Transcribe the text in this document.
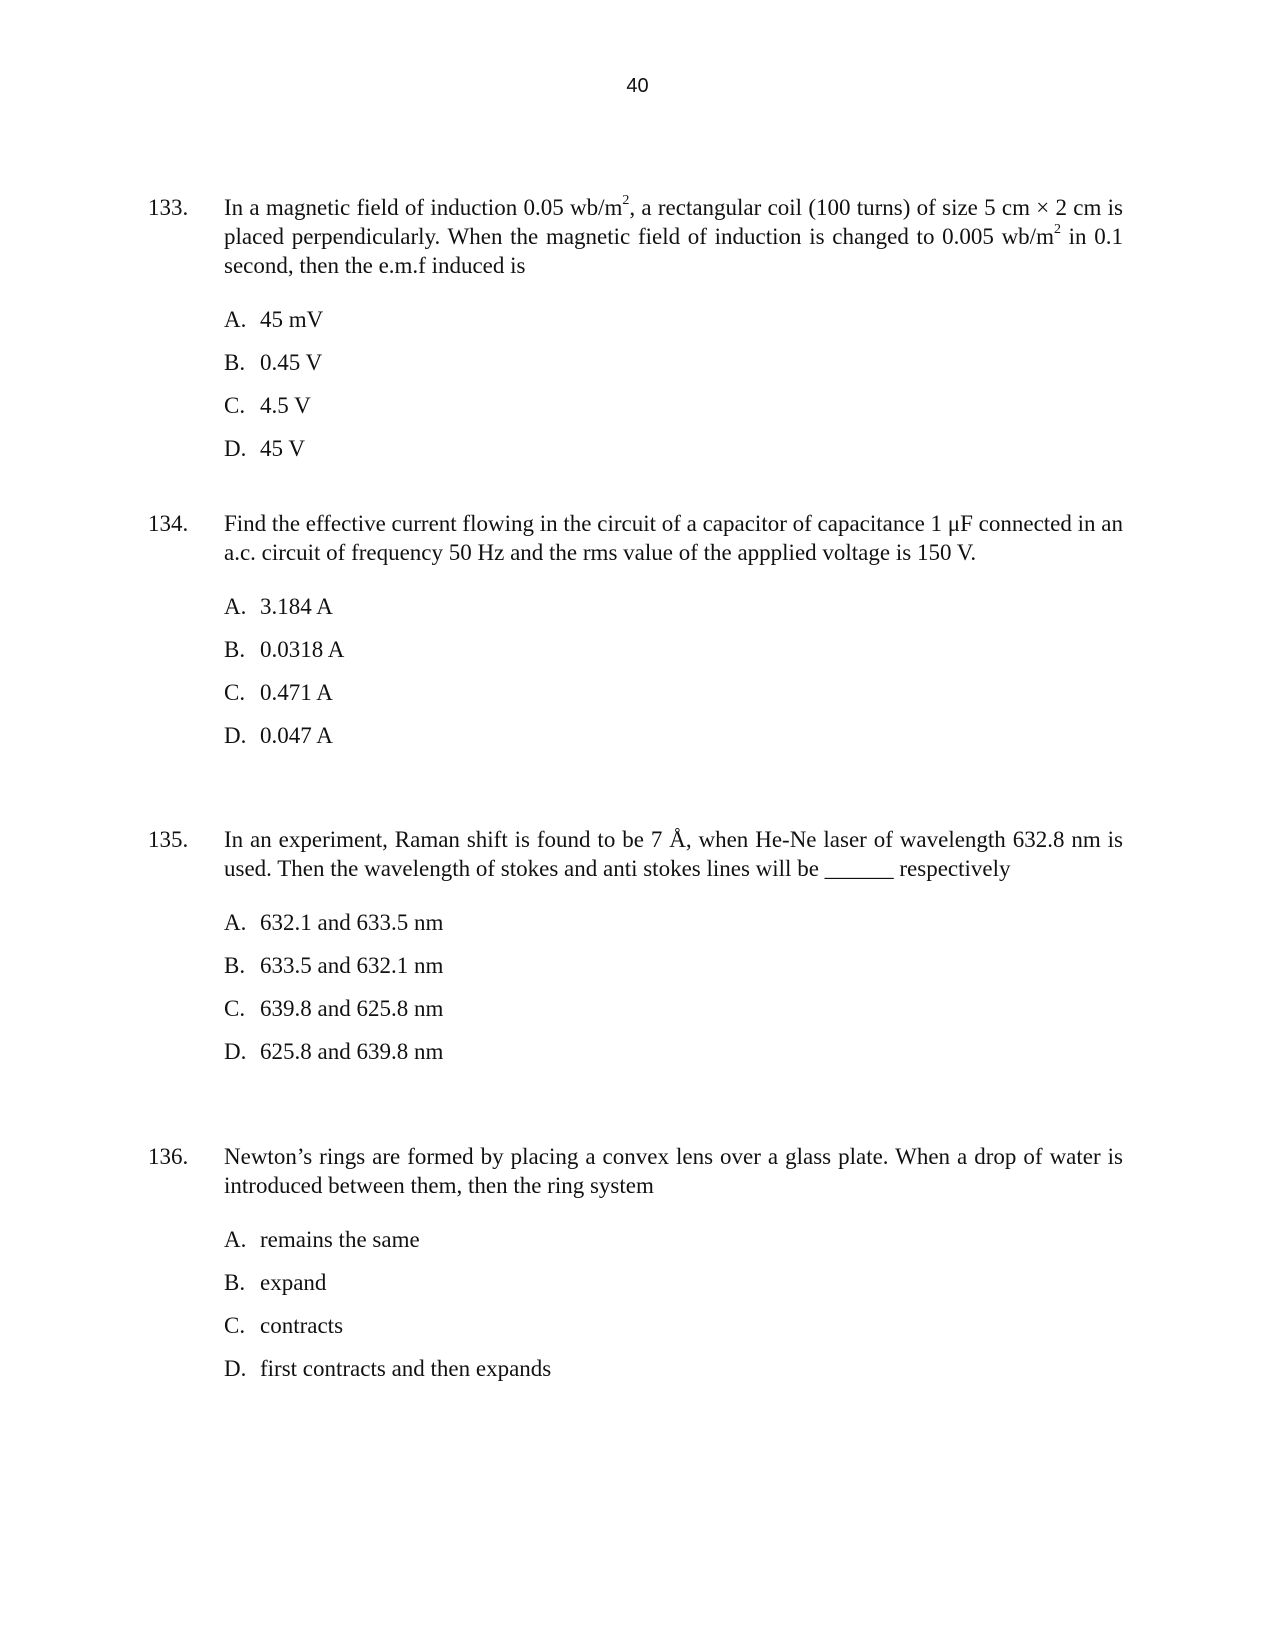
40
133. In a magnetic field of induction 0.05 $wb/m^2$, a rectangular coil (100 turns) of size 5 cm × 2 cm is placed perpendicularly. When the magnetic field of induction is changed to 0.005 $wb/m^2$ in 0.1 second, then the e.m.f induced is
A. 45 mV
B. 0.45 V
C. 4.5 V
D. 45 V
134. Find the effective current flowing in the circuit of a capacitor of capacitance 1 μF connected in an a.c. circuit of frequency 50 Hz and the rms value of the appplied voltage is 150 V.
A. 3.184 A
B. 0.0318 A
C. 0.471 A
D. 0.047 A
135. In an experiment, Raman shift is found to be 7 Å, when He-Ne laser of wavelength 632.8 nm is used. Then the wavelength of stokes and anti stokes lines will be ______ respectively
A. 632.1 and 633.5 nm
B. 633.5 and 632.1 nm
C. 639.8 and 625.8 nm
D. 625.8 and 639.8 nm
136. Newton’s rings are formed by placing a convex lens over a glass plate. When a drop of water is introduced between them, then the ring system
A. remains the same
B. expand
C. contracts
D. first contracts and then expands
